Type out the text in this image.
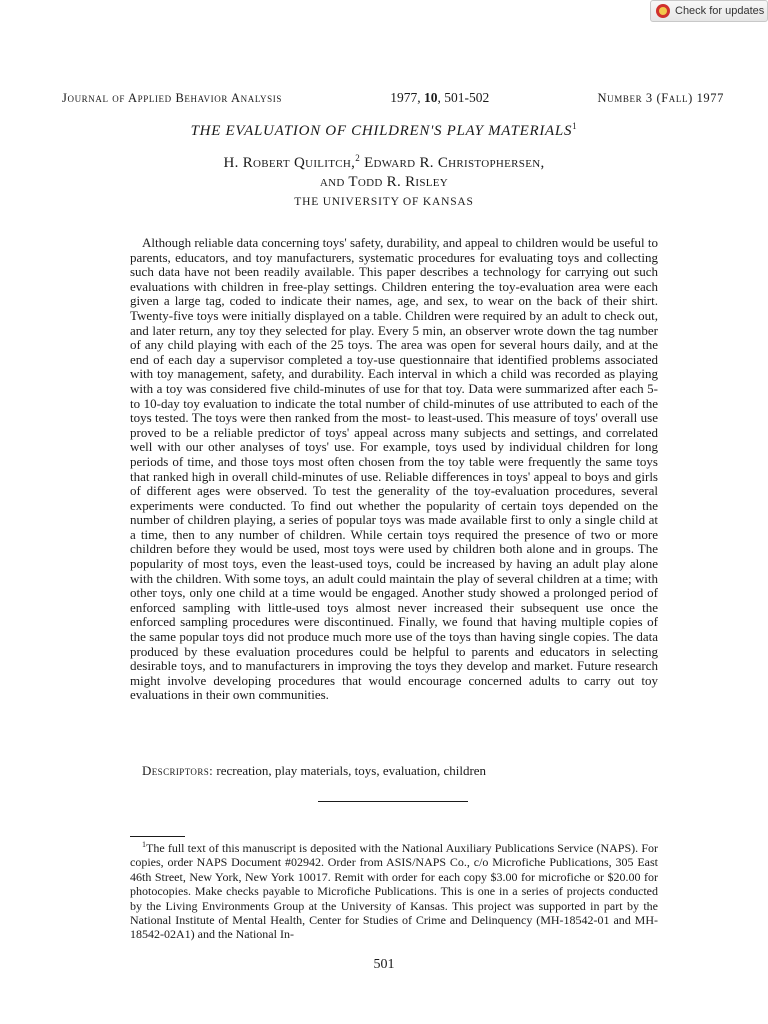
Check for updates
Journal of Applied Behavior Analysis	1977, 10, 501-502	Number 3 (Fall) 1977
THE EVALUATION OF CHILDREN'S PLAY MATERIALS$^1$
H. Robert Quilitch,$^2$ Edward R. Christophersen,
and Todd R. Risley
THE UNIVERSITY OF KANSAS

Although reliable data concerning toys' safety, durability, and appeal to children would be useful to parents, educators, and toy manufacturers, systematic procedures for evaluating toys and collecting such data have not been readily available. This paper describes a technology for carrying out such evaluations with children in free-play settings. Children entering the toy-evaluation area were each given a large tag, coded to indicate their names, age, and sex, to wear on the back of their shirt. Twenty-five toys were initially displayed on a table. Children were required by an adult to check out, and later return, any toy they selected for play. Every 5 min, an observer wrote down the tag number of any child playing with each of the 25 toys. The area was open for several hours daily, and at the end of each day a supervisor completed a toy-use questionnaire that identified problems associated with toy management, safety, and durability. Each interval in which a child was recorded as playing with a toy was considered five child-minutes of use for that toy. Data were summarized after each 5- to 10-day toy evaluation to indicate the total number of child-minutes of use attributed to each of the toys tested. The toys were then ranked from the most- to least-used. This measure of toys' overall use proved to be a reliable predictor of toys' appeal across many subjects and settings, and correlated well with our other analyses of toys' use. For example, toys used by individual children for long periods of time, and those toys most often chosen from the toy table were frequently the same toys that ranked high in overall child-minutes of use. Reliable differences in toys' appeal to boys and girls of different ages were observed. To test the generality of the toy-evaluation procedures, several experiments were conducted. To find out whether the popularity of certain toys depended on the number of children playing, a series of popular toys was made available first to only a single child at a time, then to any number of children. While certain toys required the presence of two or more children before they would be used, most toys were used by children both alone and in groups. The popularity of most toys, even the least-used toys, could be increased by having an adult play alone with the children. With some toys, an adult could maintain the play of several children at a time; with other toys, only one child at a time would be engaged. Another study showed a prolonged period of enforced sampling with little-used toys almost never increased their subsequent use once the enforced sampling procedures were discontinued. Finally, we found that having multiple copies of the same popular toys did not produce much more use of the toys than having single copies. The data produced by these evaluation procedures could be helpful to parents and educators in selecting desirable toys, and to manufacturers in improving the toys they develop and market. Future research might involve developing procedures that would encourage concerned adults to carry out toy evaluations in their own communities.

Descriptors: recreation, play materials, toys, evaluation, children

$^1$The full text of this manuscript is deposited with the National Auxiliary Publications Service (NAPS). For copies, order NAPS Document #02942. Order from ASIS/NAPS Co., c/o Microfiche Publications, 305 East 46th Street, New York, New York 10017. Remit with order for each copy $3.00 for microfiche or $20.00 for photocopies. Make checks payable to Microfiche Publications. This is one in a series of projects conducted by the Living Environments Group at the University of Kansas. This project was supported in part by the National Institute of Mental Health, Center for Studies of Crime and Delinquency (MH-18542-01 and MH-18542-02A1) and the National In-

501
